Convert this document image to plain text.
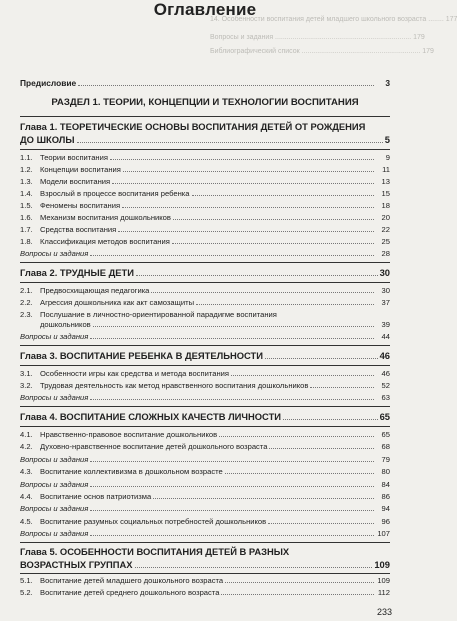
14. Особенности воспитания детей младшего школьного возраста ........ 177
Вопросы и задания ...................................................................... 179
Библиографический список ............................................................. 179
Оглавление
Предисловие	3
РАЗДЕЛ 1. ТЕОРИИ, КОНЦЕПЦИИ И ТЕХНОЛОГИИ ВОСПИТАНИЯ
Глава 1. ТЕОРЕТИЧЕСКИЕ ОСНОВЫ ВОСПИТАНИЯ ДЕТЕЙ ОТ РОЖДЕНИЯ
ДО ШКОЛЫ	5
1.1. Теории воспитания	9
1.2. Концепции воспитания	11
1.3. Модели воспитания	13
1.4. Взрослый в процессе воспитания ребенка	15
1.5. Феномены воспитания	18
1.6. Механизм воспитания дошкольников	20
1.7. Средства воспитания	22
1.8. Классификация методов воспитания	25
Вопросы и задания	28
Глава 2. ТРУДНЫЕ ДЕТИ	30
2.1. Предвосхищающая педагогика	30
2.2. Агрессия дошкольника как акт самозащиты	37
2.3. Послушание в личностно-ориентированной парадигме воспитания
дошкольников	39
Вопросы и задания	44
Глава 3. ВОСПИТАНИЕ РЕБЕНКА В ДЕЯТЕЛЬНОСТИ	46
3.1. Особенности игры как средства и метода воспитания	46
3.2. Трудовая деятельность как метод нравственного воспитания дошкольников	52
Вопросы и задания	63
Глава 4. ВОСПИТАНИЕ СЛОЖНЫХ КАЧЕСТВ ЛИЧНОСТИ	65
4.1. Нравственно-правовое воспитание дошкольников	65
4.2. Духовно-нравственное воспитание детей дошкольного возраста	68
Вопросы и задания	79
4.3. Воспитание коллективизма в дошкольном возрасте	80
Вопросы и задания	84
4.4. Воспитание основ патриотизма	86
Вопросы и задания	94
4.5. Воспитание разумных социальных потребностей дошкольников	96
Вопросы и задания	107
Глава 5. ОСОБЕННОСТИ ВОСПИТАНИЯ ДЕТЕЙ В РАЗНЫХ
ВОЗРАСТНЫХ ГРУППАХ	109
5.1. Воспитание детей младшего дошкольного возраста	109
5.2. Воспитание детей среднего дошкольного возраста	112
233
